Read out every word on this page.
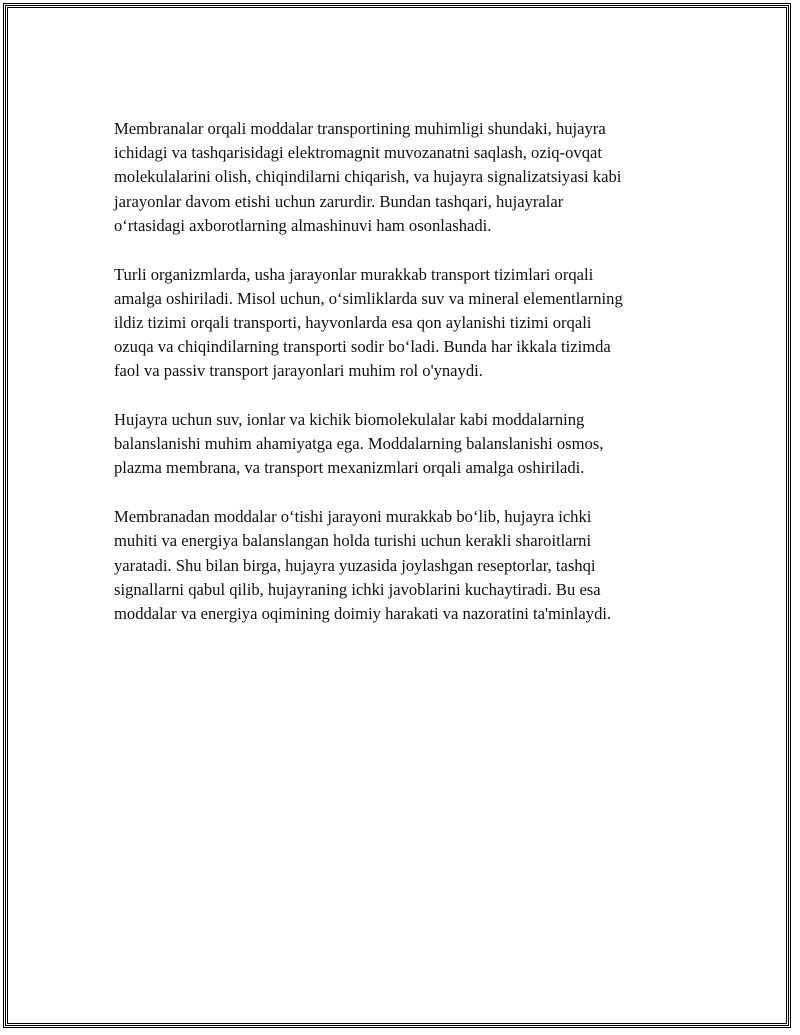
Membranalar orqali moddalar transportining muhimligi shundaki, hujayra
ichidagi va tashqarisidagi elektromagnit muvozanatni saqlash, oziq-ovqat
molekulalarini olish, chiqindilarni chiqarish, va hujayra signalizatsiyasi kabi
jarayonlar davom etishi uchun zarurdir. Bundan tashqari, hujayralar
o‘rtasidagi axborotlarning almashinuvi ham osonlashadi.

Turli organizmlarda, usha jarayonlar murakkab transport tizimlari orqali
amalga oshiriladi. Misol uchun, o‘simliklarda suv va mineral elementlarning
ildiz tizimi orqali transporti, hayvonlarda esa qon aylanishi tizimi orqali
ozuqa va chiqindilarning transporti sodir bo‘ladi. Bunda har ikkala tizimda
faol va passiv transport jarayonlari muhim rol o'ynaydi.

Hujayra uchun suv, ionlar va kichik biomolekulalar kabi moddalarning
balanslanishi muhim ahamiyatga ega. Moddalarning balanslanishi osmos,
plazma membrana, va transport mexanizmlari orqali amalga oshiriladi.

Membranadan moddalar o‘tishi jarayoni murakkab bo‘lib, hujayra ichki
muhiti va energiya balanslangan holda turishi uchun kerakli sharoitlarni
yaratadi. Shu bilan birga, hujayra yuzasida joylashgan reseptorlar, tashqi
signallarni qabul qilib, hujayraning ichki javoblarini kuchaytiradi. Bu esa
moddalar va energiya oqimining doimiy harakati va nazoratini ta'minlaydi.
